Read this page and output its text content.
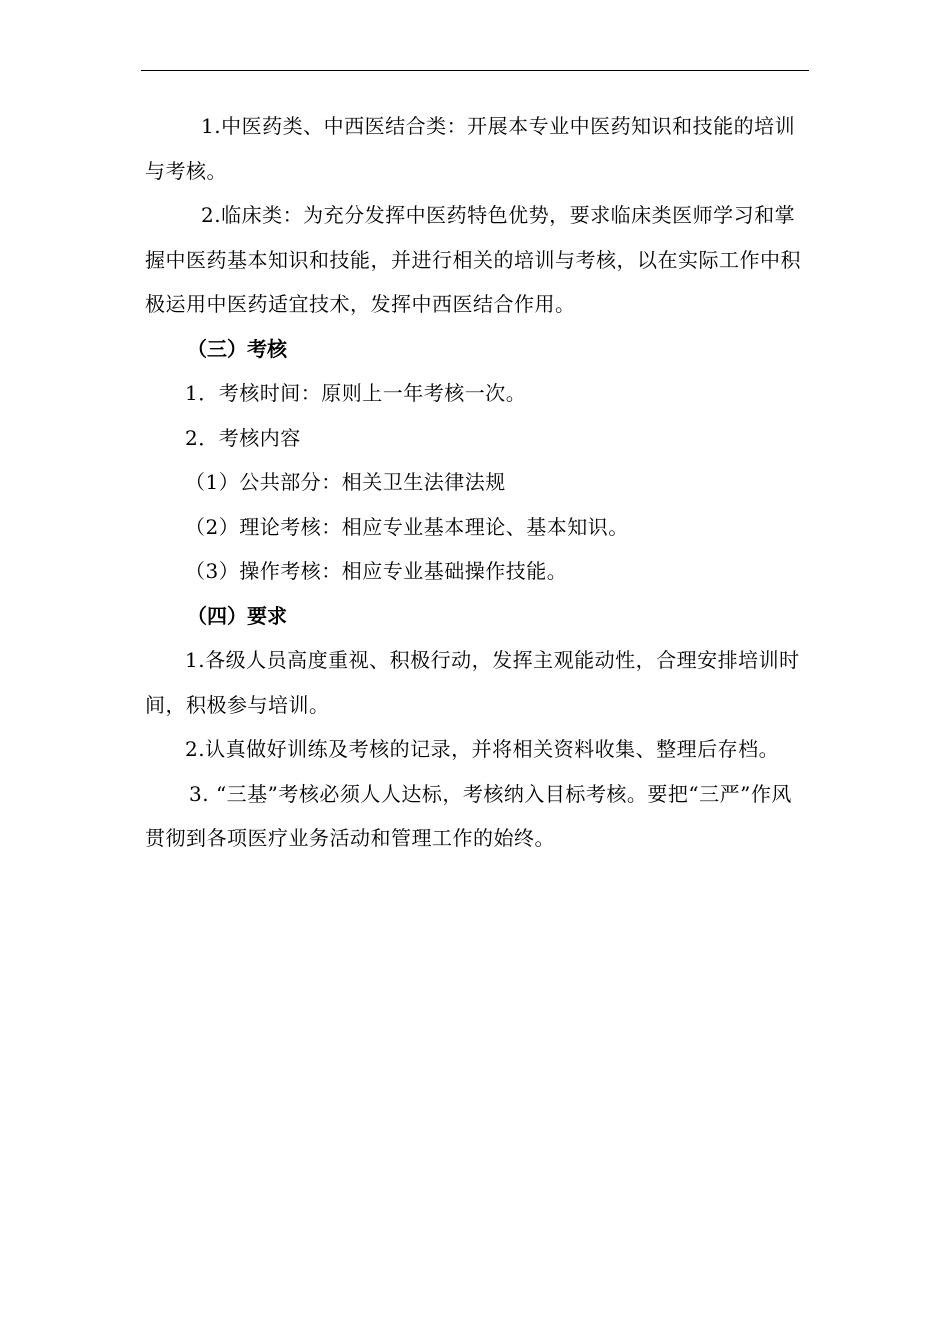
1.中医药类、中西医结合类：开展本专业中医药知识和技能的培训与考核。

2.临床类：为充分发挥中医药特色优势，要求临床类医师学习和掌握中医药基本知识和技能，并进行相关的培训与考核，以在实际工作中积极运用中医药适宜技术，发挥中西医结合作用。

（三）考核

1．考核时间：原则上一年考核一次。

2．考核内容

（1）公共部分：相关卫生法律法规

（2）理论考核：相应专业基本理论、基本知识。

（3）操作考核：相应专业基础操作技能。

（四）要求

1.各级人员高度重视、积极行动，发挥主观能动性，合理安排培训时间，积极参与培训。

2.认真做好训练及考核的记录，并将相关资料收集、整理后存档。

3. “三基”考核必须人人达标，考核纳入目标考核。要把“三严”作风贯彻到各项医疗业务活动和管理工作的始终。
